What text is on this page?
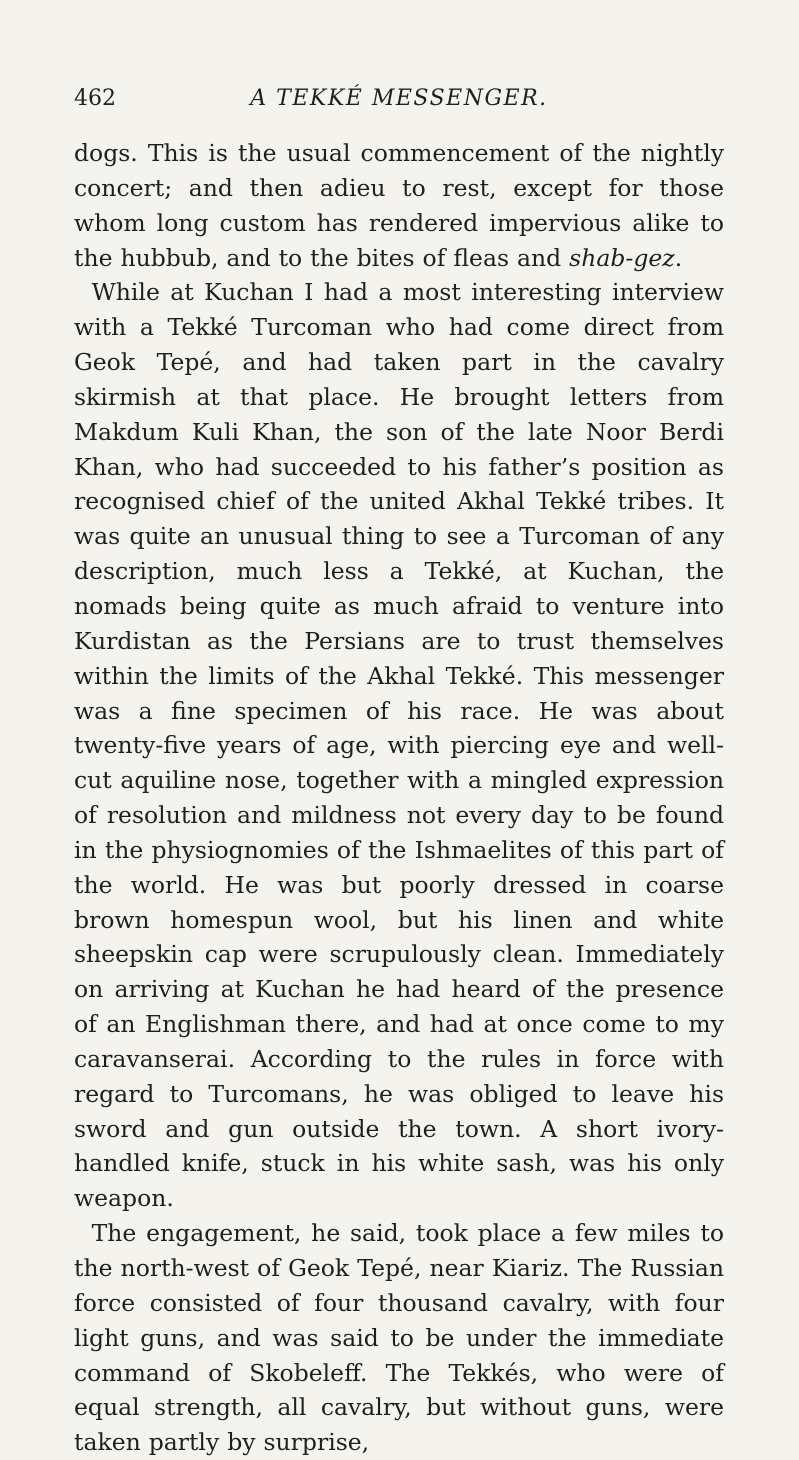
462	A TEKKÉ MESSENGER.

dogs. This is the usual commencement of the nightly concert; and then adieu to rest, except for those whom long custom has rendered impervious alike to the hubbub, and to the bites of fleas and shab-gez.

While at Kuchan I had a most interesting interview with a Tekké Turcoman who had come direct from Geok Tepé, and had taken part in the cavalry skirmish at that place. He brought letters from Makdum Kuli Khan, the son of the late Noor Berdi Khan, who had succeeded to his father’s position as recognised chief of the united Akhal Tekké tribes. It was quite an unusual thing to see a Turcoman of any description, much less a Tekké, at Kuchan, the nomads being quite as much afraid to venture into Kurdistan as the Persians are to trust themselves within the limits of the Akhal Tekké. This messenger was a fine specimen of his race. He was about twenty-five years of age, with piercing eye and well-cut aquiline nose, together with a mingled expression of resolution and mildness not every day to be found in the physiognomies of the Ishmaelites of this part of the world. He was but poorly dressed in coarse brown homespun wool, but his linen and white sheepskin cap were scrupulously clean. Immediately on arriving at Kuchan he had heard of the presence of an Englishman there, and had at once come to my caravanserai. According to the rules in force with regard to Turcomans, he was obliged to leave his sword and gun outside the town. A short ivory-handled knife, stuck in his white sash, was his only weapon.

The engagement, he said, took place a few miles to the north-west of Geok Tepé, near Kiariz. The Russian force consisted of four thousand cavalry, with four light guns, and was said to be under the immediate command of Skobeleff. The Tekkés, who were of equal strength, all cavalry, but without guns, were taken partly by surprise,
